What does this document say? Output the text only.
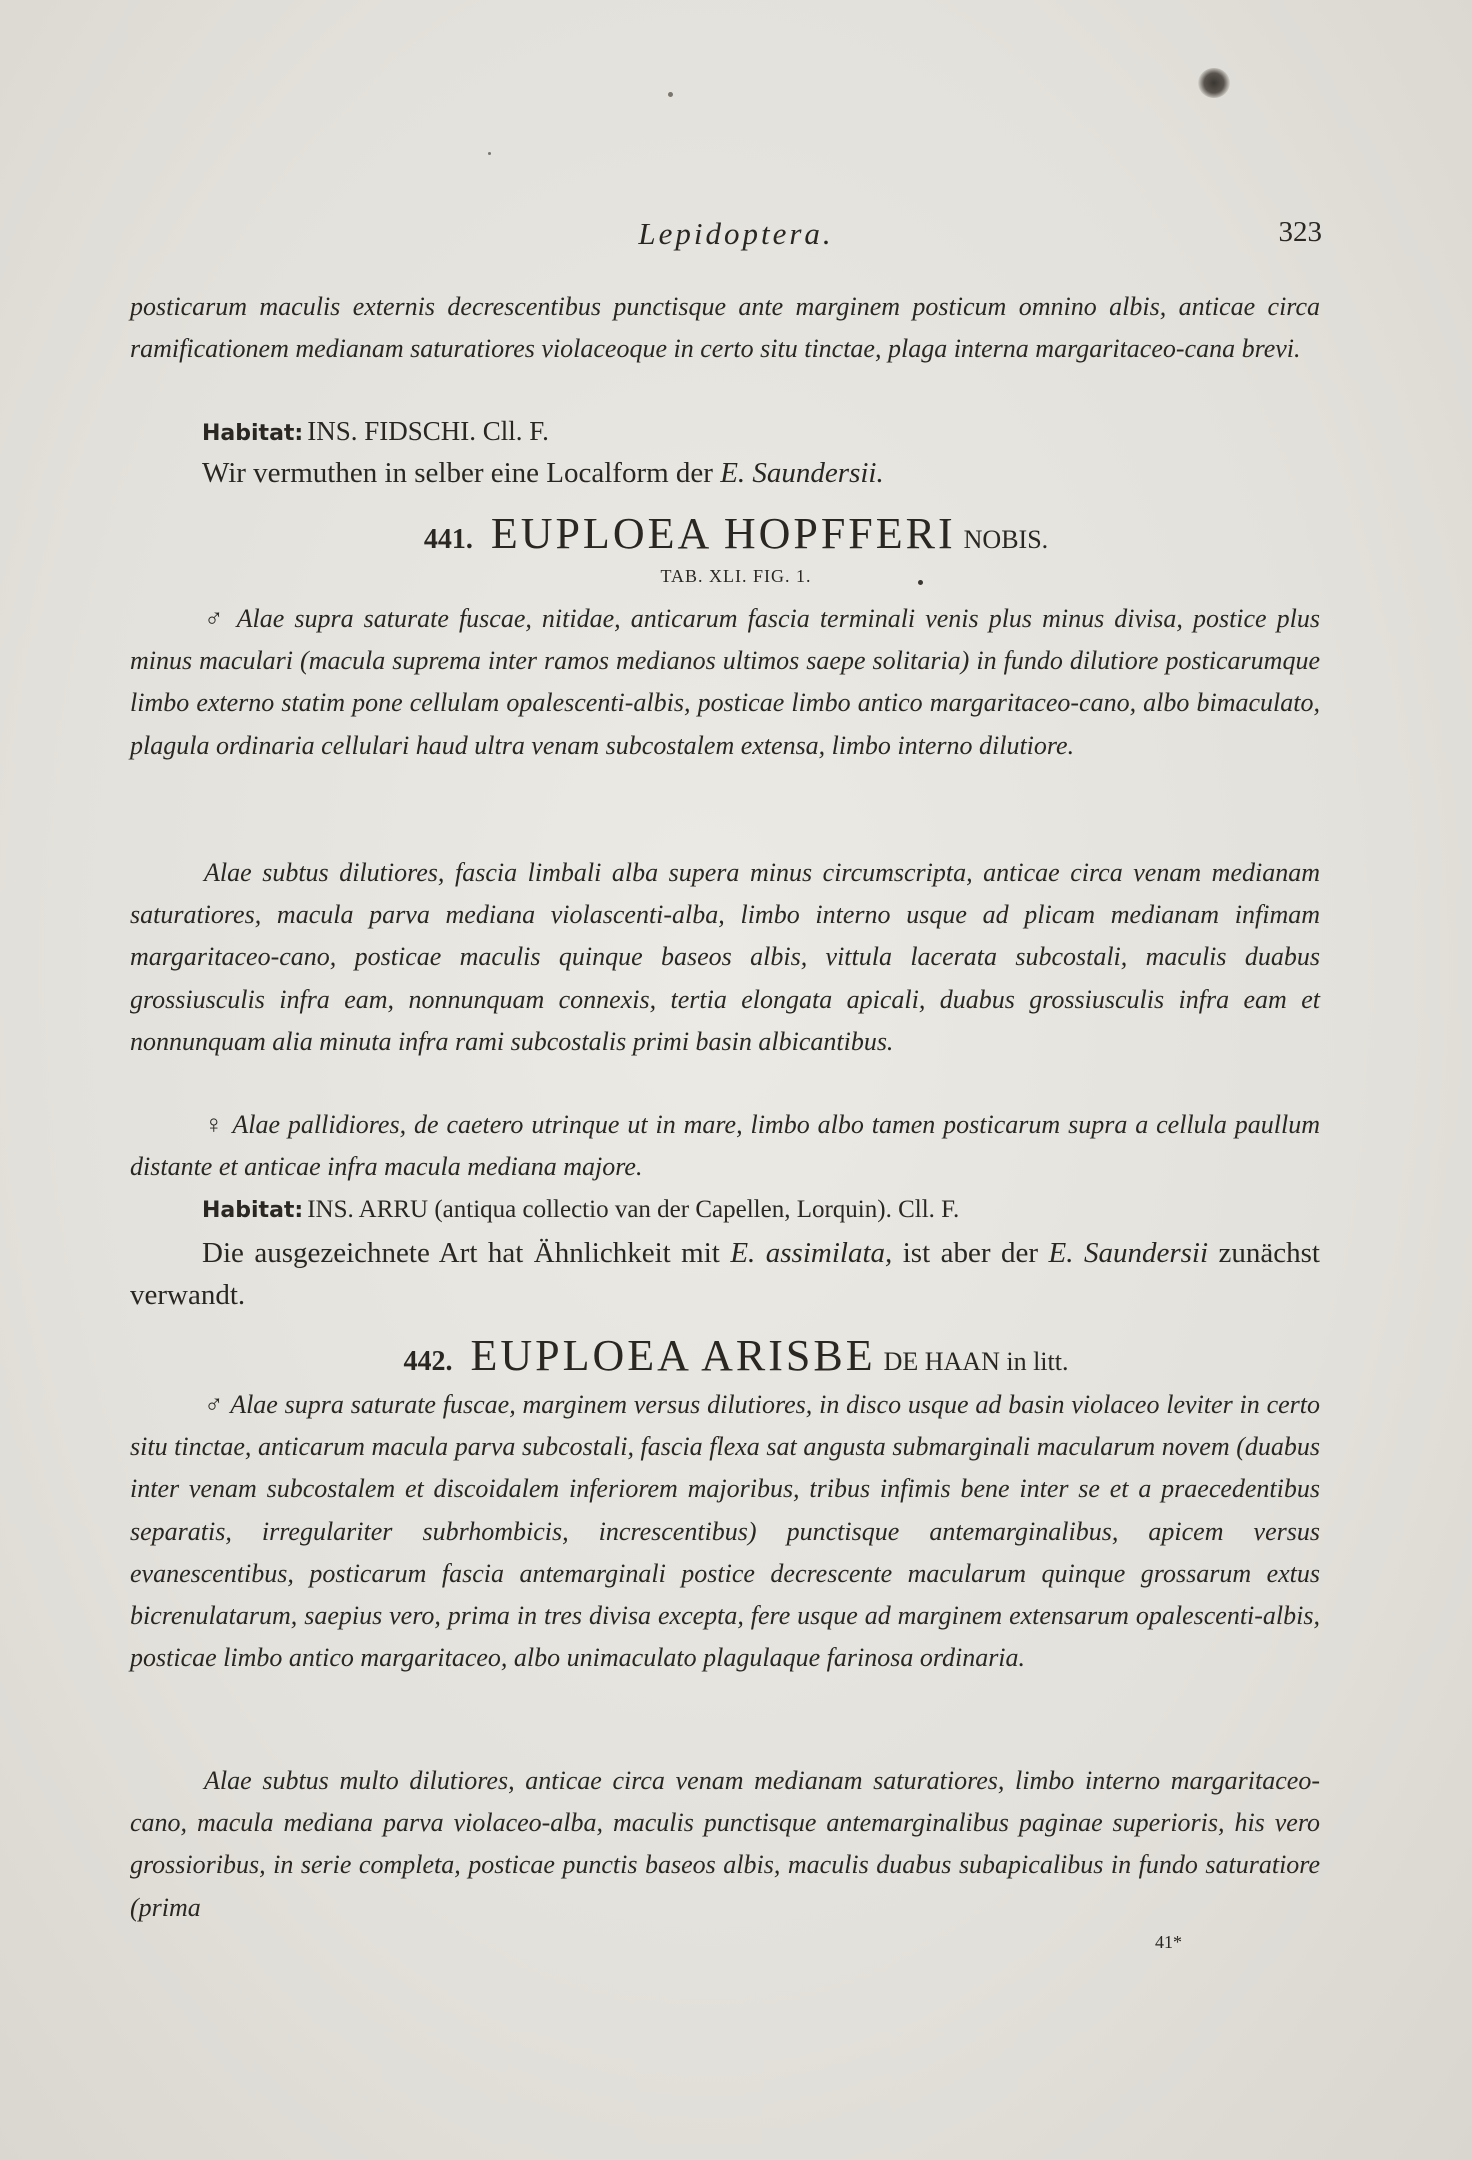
Lepidoptera.	323
posticarum maculis externis decrescentibus punctisque ante marginem posticum omnino albis, anticae circa ramificationem medianam saturatiores violaceoque in certo situ tinctae, plaga interna margaritaceo-cana brevi.
Habitat: INS. FIDSCHI. Cll. F.
Wir vermuthen in selber eine Localform der E. Saundersii.
441. EUPLOEA HOPFFERI NOBIS.
TAB. XLI. FIG. 1.
♂ Alae supra saturate fuscae, nitidae, anticarum fascia terminali venis plus minus divisa, postice plus minus maculari (macula suprema inter ramos medianos ultimos saepe solitaria) in fundo dilutiore posticarumque limbo externo statim pone cellulam opalescenti-albis, posticae limbo antico margaritaceo-cano, albo bimaculato, plagula ordinaria cellulari haud ultra venam subcostalem extensa, limbo interno dilutiore.
Alae subtus dilutiores, fascia limbali alba supera minus circumscripta, anticae circa venam medianam saturatiores, macula parva mediana violascenti-alba, limbo interno usque ad plicam medianam infimam margaritaceo-cano, posticae maculis quinque baseos albis, vittula lacerata subcostali, maculis duabus grossiusculis infra eam, nonnunquam connexis, tertia elongata apicali, duabus grossiusculis infra eam et nonnunquam alia minuta infra rami subcostalis primi basin albicantibus.
♀ Alae pallidiores, de caetero utrinque ut in mare, limbo albo tamen posticarum supra a cellula paullum distante et anticae infra macula mediana majore.
Habitat: INS. ARRU (antiqua collectio van der Capellen, Lorquin). Cll. F.
Die ausgezeichnete Art hat Ähnlichkeit mit E. assimilata, ist aber der E. Saundersii zunächst verwandt.
442. EUPLOEA ARISBE DE HAAN in litt.
♂ Alae supra saturate fuscae, marginem versus dilutiores, in disco usque ad basin violaceo leviter in certo situ tinctae, anticarum macula parva subcostali, fascia flexa sat angusta submarginali macularum novem (duabus inter venam subcostalem et discoidalem inferiorem majoribus, tribus infimis bene inter se et a praecedentibus separatis, irregulariter subrhombicis, increscentibus) punctisque antemarginalibus, apicem versus evanescentibus, posticarum fascia antemarginali postice decrescente macularum quinque grossarum extus bicrenulatarum, saepius vero, prima in tres divisa excepta, fere usque ad marginem extensarum opalescenti-albis, posticae limbo antico margaritaceo, albo unimaculato plagulaque farinosa ordinaria.
Alae subtus multo dilutiores, anticae circa venam medianam saturatiores, limbo interno margaritaceo-cano, macula mediana parva violaceo-alba, maculis punctisque antemarginalibus paginae superioris, his vero grossioribus, in serie completa, posticae punctis baseos albis, maculis duabus subapicalibus in fundo saturatiore (prima
41*
